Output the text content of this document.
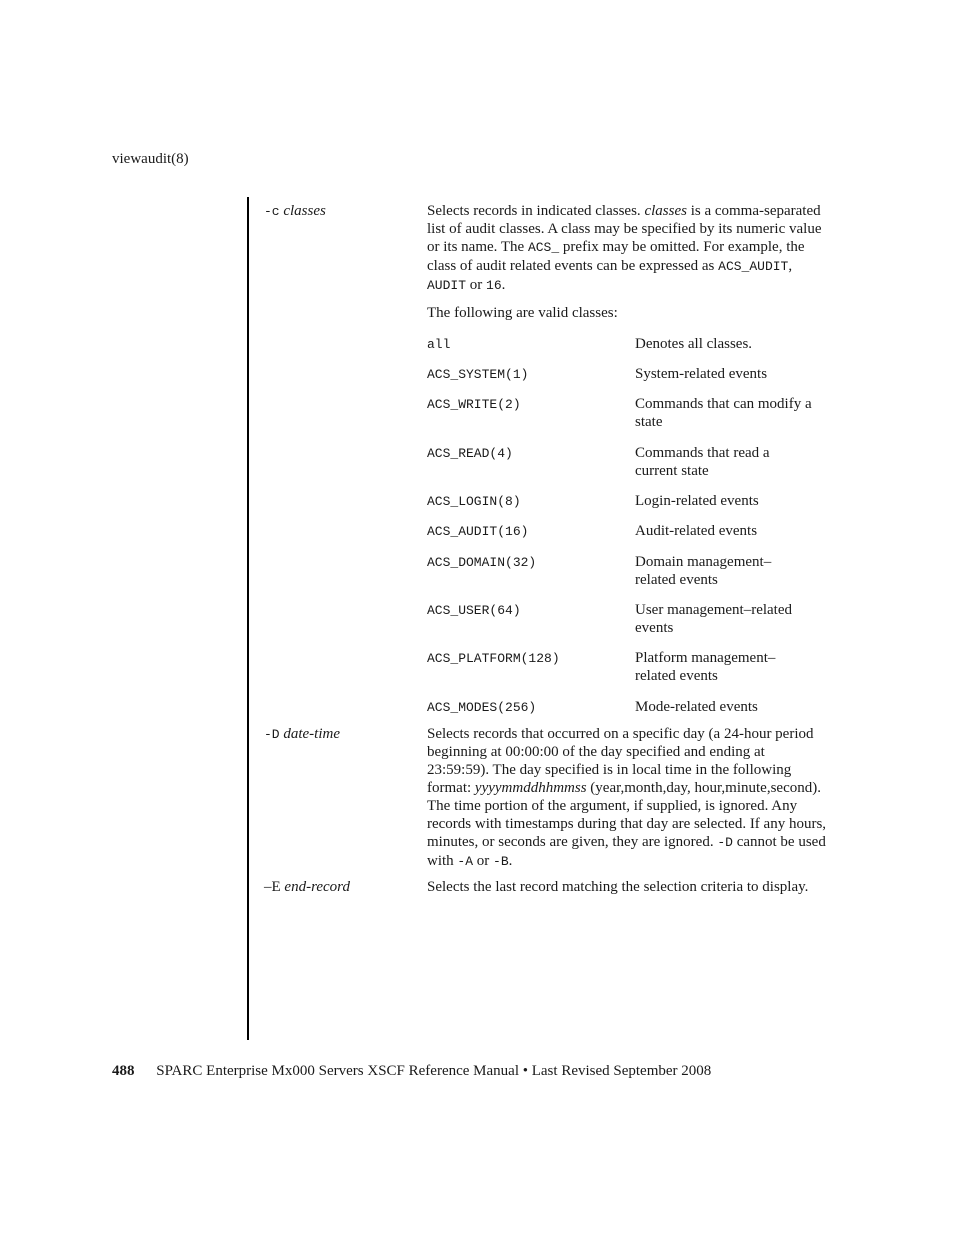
viewaudit(8)
-c classes	Selects records in indicated classes. classes is a comma-separated list of audit classes. A class may be specified by its numeric value or its name. The ACS_ prefix may be omitted. For example, the class of audit related events can be expressed as ACS_AUDIT, AUDIT or 16.

The following are valid classes:
all	Denotes all classes.
ACS_SYSTEM(1)	System-related events
ACS_WRITE(2)	Commands that can modify a state
ACS_READ(4)	Commands that read a current state
ACS_LOGIN(8)	Login-related events
ACS_AUDIT(16)	Audit-related events
ACS_DOMAIN(32)	Domain management–related events
ACS_USER(64)	User management–related events
ACS_PLATFORM(128)	Platform management–related events
ACS_MODES(256)	Mode-related events
-D date-time	Selects records that occurred on a specific day (a 24-hour period beginning at 00:00:00 of the day specified and ending at 23:59:59). The day specified is in local time in the following format: yyyymmddhhmmss (year,month,day, hour,minute,second). The time portion of the argument, if supplied, is ignored. Any records with timestamps during that day are selected. If any hours, minutes, or seconds are given, they are ignored. -D cannot be used with -A or -B.

–E end-record	Selects the last record matching the selection criteria to display.
488 SPARC Enterprise Mx000 Servers XSCF Reference Manual • Last Revised September 2008
